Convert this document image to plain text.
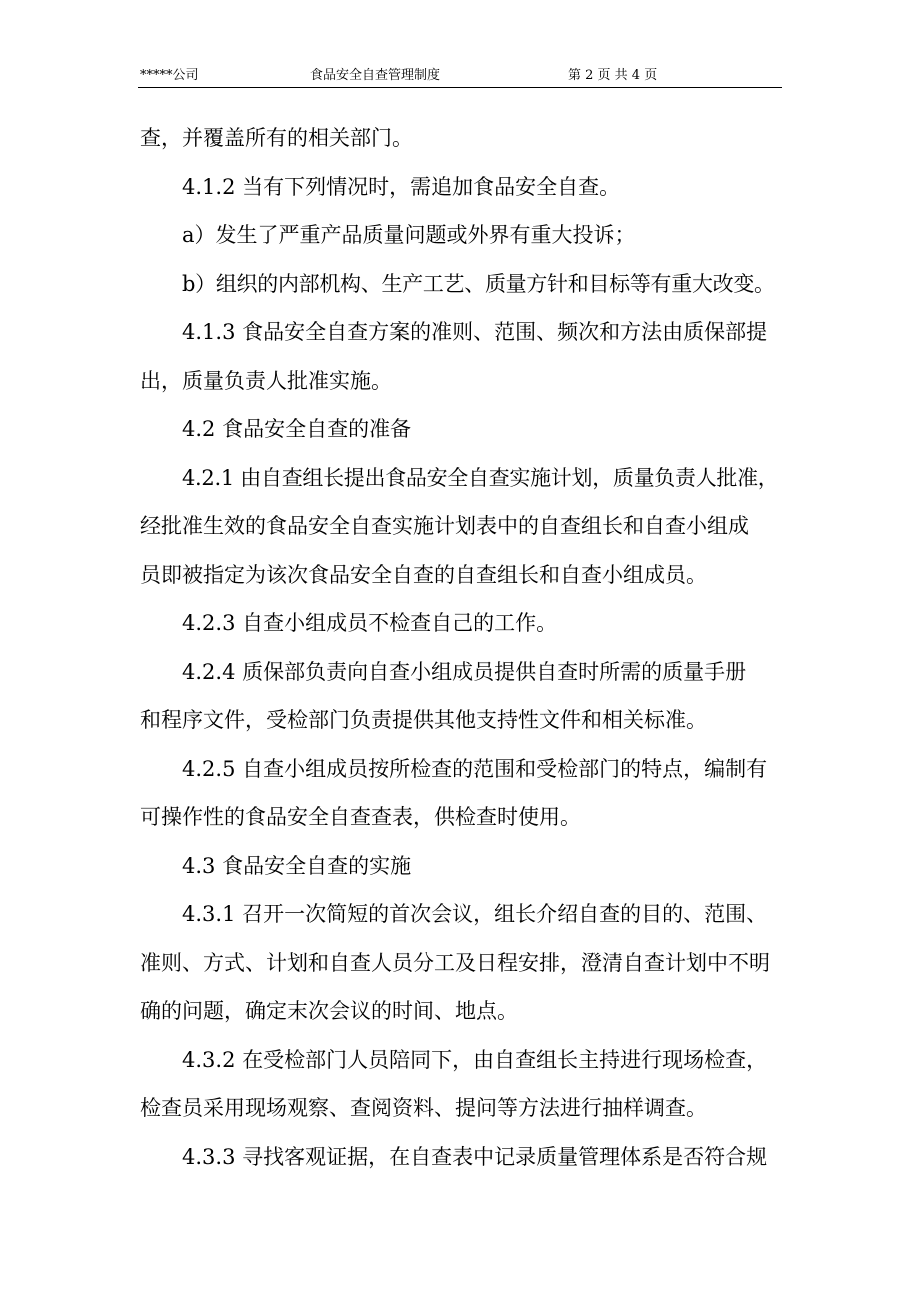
*****公司	食品安全自查管理制度	第 2 页 共 4 页

查，并覆盖所有的相关部门。

4.1.2 当有下列情况时，需追加食品安全自查。

a）发生了严重产品质量问题或外界有重大投诉；

b）组织的内部机构、生产工艺、质量方针和目标等有重大改变。

4.1.3 食品安全自查方案的准则、范围、频次和方法由质保部提

出，质量负责人批准实施。

4.2 食品安全自查的准备

4.2.1 由自查组长提出食品安全自查实施计划，质量负责人批准，

经批准生效的食品安全自查实施计划表中的自查组长和自查小组成

员即被指定为该次食品安全自查的自查组长和自查小组成员。

4.2.3 自查小组成员不检查自己的工作。

4.2.4 质保部负责向自查小组成员提供自查时所需的质量手册

和程序文件，受检部门负责提供其他支持性文件和相关标准。

4.2.5 自查小组成员按所检查的范围和受检部门的特点，编制有

可操作性的食品安全自查查表，供检查时使用。

4.3 食品安全自查的实施

4.3.1 召开一次简短的首次会议，组长介绍自查的目的、范围、

准则、方式、计划和自查人员分工及日程安排，澄清自查计划中不明

确的问题，确定末次会议的时间、地点。

4.3.2 在受检部门人员陪同下，由自查组长主持进行现场检查，

检查员采用现场观察、查阅资料、提问等方法进行抽样调查。

4.3.3 寻找客观证据，在自查表中记录质量管理体系是否符合规
